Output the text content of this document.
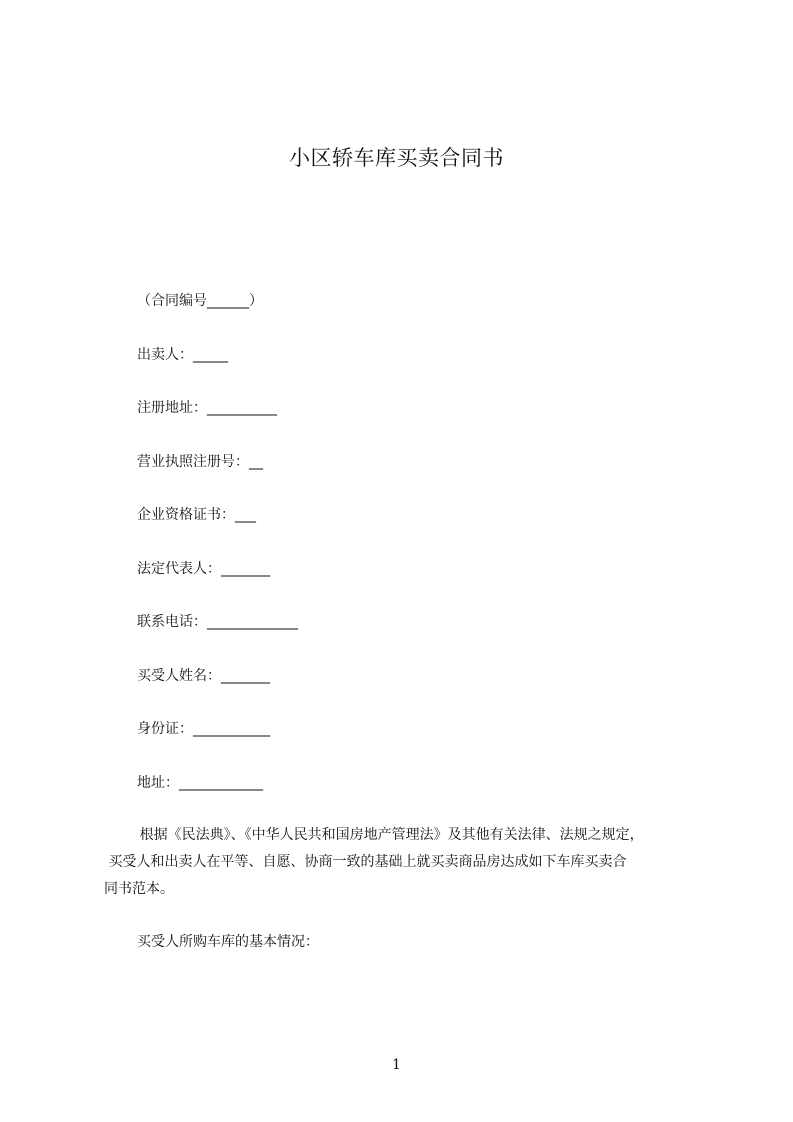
小区轿车库买卖合同书
（合同编号______）
出卖人：_____
注册地址：__________
营业执照注册号：__
企业资格证书：___
法定代表人：_______
联系电话：_____________
买受人姓名：_______
身份证：___________
地址：____________
根据《民法典》、《中华人民共和国房地产管理法》及其他有关法律、法规之规定，
买受人和出卖人在平等、自愿、协商一致的基础上就买卖商品房达成如下车库买卖合
同书范本。
买受人所购车库的基本情况：
1
